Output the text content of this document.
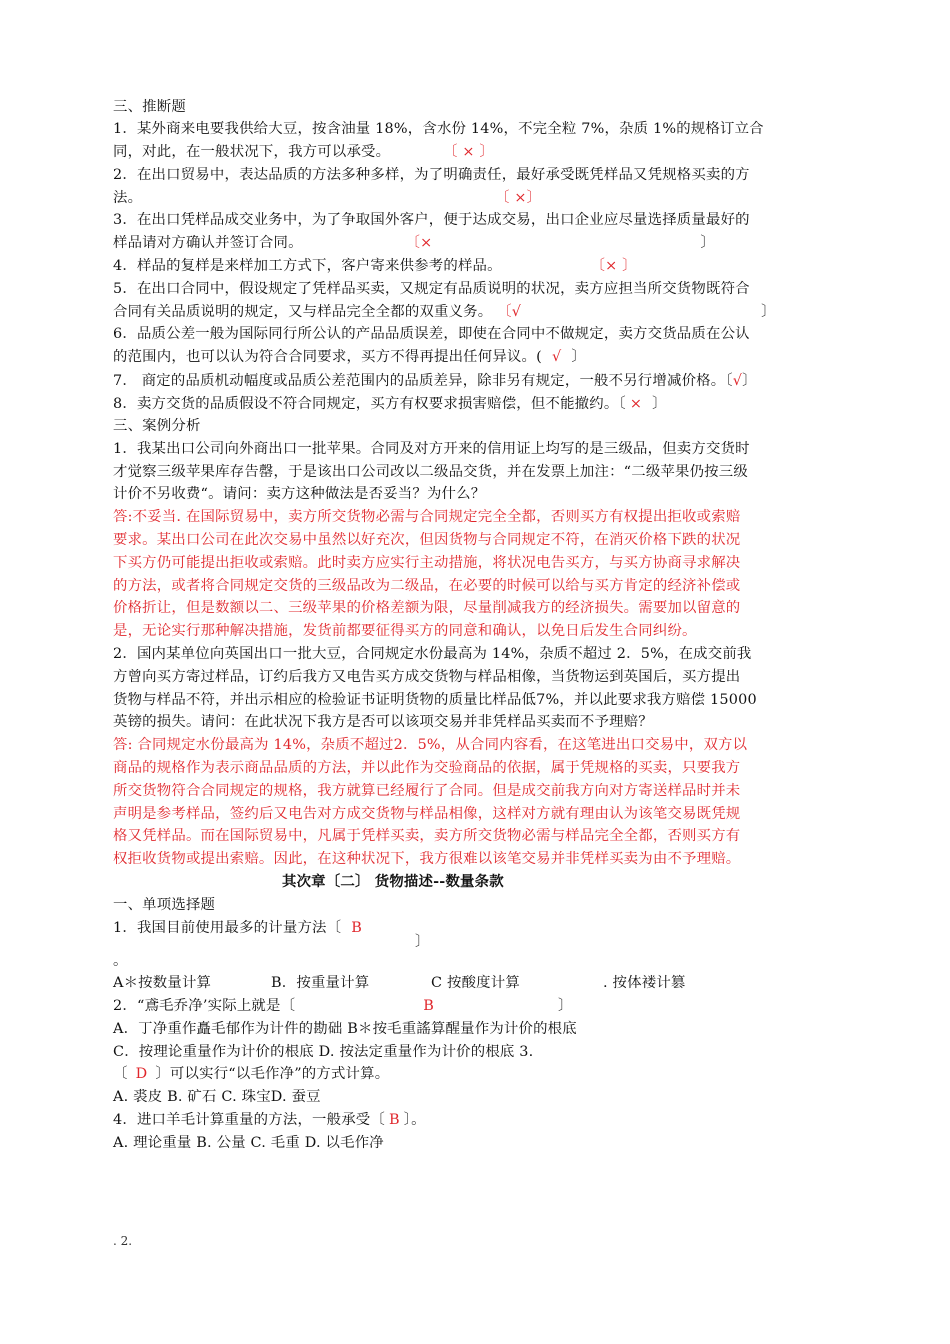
三、推断题
1．某外商来电要我供给大豆，按含油量 18%，含水份 14%，不完全粒 7%，杂质 1%的规格订立合
同，对此，在一般状况下，我方可以承受。	〔 × 〕
2．在出口贸易中，表达品质的方法多种多样，为了明确责任，最好承受既凭样品又凭规格买卖的方
法。	〔 ×〕
3．在出口凭样品成交业务中，为了争取国外客户，便于达成交易，出口企业应尽量选择质量最好的
样品请对方确认并签订合同。	〔×	〕
4．样品的复样是来样加工方式下，客户寄来供参考的样品。	〔× 〕
5．在出口合同中，假设规定了凭样品买卖，又规定有品质说明的状况，卖方应担当所交货物既符合
合同有关品质说明的规定，又与样品完全全都的双重义务。 〔√	〕
6．品质公差一般为国际同行所公认的产品品质误差，即使在合同中不做规定，卖方交货品质在公认
的范围内，也可以认为符合合同要求，买方不得再提出任何异议。( √ 〕
7． 商定的品质机动幅度或品质公差范围内的品质差异，除非另有规定，一般不另行增减价格。〔√〕
8．卖方交货的品质假设不符合同规定，买方有权要求损害赔偿，但不能撤约。〔 × 〕
三、案例分析
1．我某出口公司向外商出口一批苹果。合同及对方开来的信用证上均写的是三级品，但卖方交货时
才觉察三级苹果库存告罄，于是该出口公司改以二级品交货，并在发票上加注：“二级苹果仍按三级
计价不另收费“。请问：卖方这种做法是否妥当？为什么？
答:不妥当. 在国际贸易中，卖方所交货物必需与合同规定完全全都，否则买方有权提出拒收或索赔
要求。某出口公司在此次交易中虽然以好充次，但因货物与合同规定不符，在消灭价格下跌的状况
下买方仍可能提出拒收或索赔。此时卖方应实行主动措施，将状况电告买方，与买方协商寻求解决
的方法，或者将合同规定交货的三级品改为二级品，在必要的时候可以给与买方肯定的经济补偿或
价格折让，但是数额以二、三级苹果的价格差额为限，尽量削减我方的经济损失。需要加以留意的
是，无论实行那种解决措施，发货前都要征得买方的同意和确认，以免日后发生合同纠纷。
2．国内某单位向英国出口一批大豆，合同规定水份最高为 14%，杂质不超过 2．5%，在成交前我
方曾向买方寄过样品，订约后我方又电告买方成交货物与样品相像，当货物运到英国后，买方提出
货物与样品不符，并出示相应的检验证书证明货物的质量比样品低7%，并以此要求我方赔偿 15000
英镑的损失。请问：在此状况下我方是否可以该项交易并非凭样品买卖而不予理赔？
答: 合同规定水份最高为 14%，杂质不超过2．5%，从合同内容看，在这笔进出口交易中，双方以
商品的规格作为表示商品品质的方法，并以此作为交验商品的依据，属于凭规格的买卖，只要我方
所交货物符合合同规定的规格，我方就算已经履行了合同。但是成交前我方向对方寄送样品时并未
声明是参考样品，签约后又电告对方成交货物与样品相像，这样对方就有理由认为该笔交易既凭规
格又凭样品。而在国际贸易中，凡属于凭样买卖，卖方所交货物必需与样品完全全都，否则买方有
权拒收货物或提出索赔。因此，在这种状况下，我方很难以该笔交易并非凭样买卖为由不予理赔。
其次章〔二〕 货物描述--数量条款
一、单项选择题
1．我国目前使用最多的计量方法〔 B
〕
。
A＊按数量计算	B．按重量计算	C 按酸度计算	. 按体褛计篡
2．“鳶毛乔净’实际上就是〔	B	〕
A．丁净重作矗毛郁作为计件的勘础 B＊按毛重謠算醒量作为计价的根底
C．按理论重量作为计价的根底 D. 按法定重量作为计价的根底 3.
〔 D 〕可以实行“以毛作净”的方式计算。
A. 裘皮 B. 矿石 C. 珠宝D. 蚕豆
4．进口羊毛计算重量的方法，一般承受〔 B 〕。
A. 理论重量 B. 公量 C. 毛重 D. 以毛作净
. 2.
